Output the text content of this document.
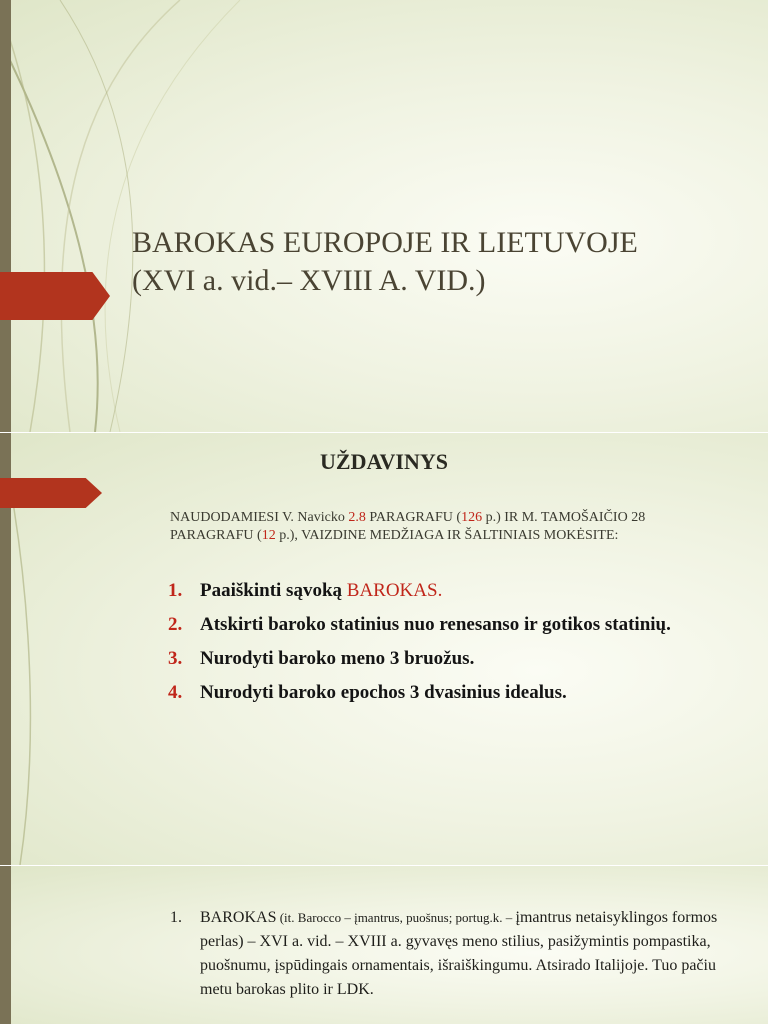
BAROKAS EUROPOJE IR LIETUVOJE
(XVI a. vid.– XVIII A. VID.)
UŽDAVINYS
NAUDODAMIESI V. Navicko 2.8 PARAGRAFU (126 p.) IR M. TAMOŠAIČIO 28 PARAGRAFU (12 p.), VAIZDINE MEDŽIAGA IR ŠALTINIAIS MOKĖSITE:
1. Paaiškinti sąvoką BAROKAS.
2. Atskirti baroko statinius nuo renesanso ir gotikos statinių.
3. Nurodyti baroko meno 3 bruožus.
4. Nurodyti baroko epochos 3 dvasinius idealus.
1. BAROKAS (it. Barocco – įmantrus, puošnus; portug.k. – įmantrus netaisyklingos formos perlas) – XVI a. vid. – XVIII a. gyvavęs meno stilius, pasižymintis pompastika, puošnumu, įspūdingais ornamentais, išraiškingumu. Atsirado Italijoje. Tuo pačiu metu barokas plito ir LDK.
